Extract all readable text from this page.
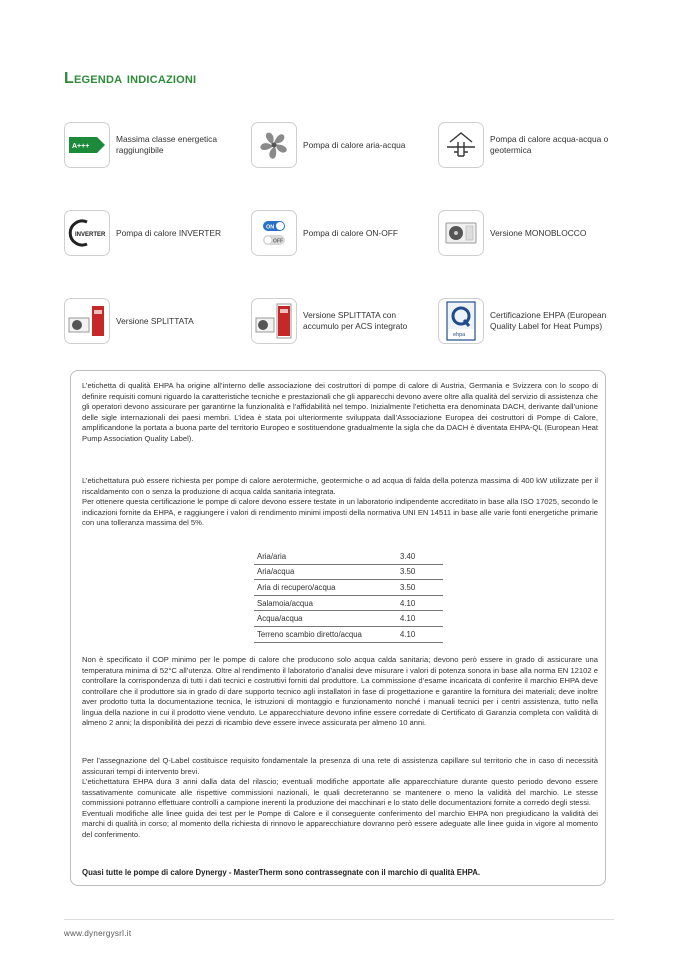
Legenda indicazioni
A+++
Massima classe energetica raggiungibile
Pompa di calore aria-acqua
Pompa di calore acqua-acqua o geotermica
INVERTER Pompa di calore INVERTER	ON
OFF
Pompa di calore ON-OFF	Versione MONOBLOCCO
Versione SPLITTATA
Versione SPLITTATA con accumulo per ACS integrato
ehpa
Certificazione EHPA (European Quality Label for Heat Pumps)

L’etichetta di qualità EHPA ha origine all’interno delle associazione dei costruttori di pompe di calore di Austria, Germania e Svizzera con lo scopo di definire requisiti comuni riguardo la caratteristiche tecniche e prestazionali che gli apparecchi devono avere oltre alla qualità del servizio di assistenza che gli operatori devono assicurare per garantirne la funzionalità e l’affidabilità nel tempo. Inizialmente l’etichetta era denominata DACH, derivante dall’unione delle sigle internazionali dei paesi membri. L’idea è stata poi ulteriormente sviluppata dall’Associazione Europea dei costruttori di Pompe di Calore, amplificandone la portata a buona parte del territorio Europeo e sostituendone gradualmente la sigla che da DACH è diventata EHPA-QL (European Heat Pump Association Quality Label).

L’etichettatura può essere richiesta per pompe di calore aerotermiche, geotermiche o ad acqua di falda della potenza massima di 400 kW utilizzate per il riscaldamento con o senza la produzione di acqua calda sanitaria integrata.

Per ottenere questa certificazione le pompe di calore devono essere testate in un laboratorio indipendente accreditato in base alla ISO 17025, secondo le indicazioni fornite da EHPA, e raggiungere i valori di rendimento minimi imposti della normativa UNI EN 14511 in base alle varie fonti energetiche primarie con una tolleranza massima del 5%.

Aria/aria	3.40
Aria/acqua	3.50
Aria di recupero/acqua	3.50
Salamoia/acqua	4.10
Acqua/acqua	4.10
Terreno scambio diretto/acqua	4.10

Non è specificato il COP minimo per le pompe di calore che producono solo acqua calda sanitaria; devono però essere in grado di assicurare una temperatura minima di 52°C all’utenza. Oltre al rendimento il laboratorio d’analisi deve misurare i valori di potenza sonora in base alla norma EN 12102 e controllare la corrispondenza di tutti i dati tecnici e costruttivi forniti dal produttore. La commissione d’esame incaricata di conferire il marchio EHPA deve controllare che il produttore sia in grado di dare supporto tecnico agli installatori in fase di progettazione e garantire la fornitura dei materiali; deve inoltre aver prodotto tutta la documentazione tecnica, le istruzioni di montaggio e funzionamento nonché i manuali tecnici per i centri assistenza, tutto nella lingua della nazione in cui il prodotto viene venduto. Le apparecchiature devono infine essere corredate di Certificato di Garanzia completa con validità di almeno 2 anni; la disponibilità dei pezzi di ricambio deve essere invece assicurata per almeno 10 anni.

Per l’assegnazione del Q-Label costituisce requisito fondamentale la presenza di una rete di assistenza capillare sul territorio che in caso di necessità assicurari tempi di intervento brevi.

L’etichettatura EHPA dura 3 anni dalla data del rilascio; eventuali modifiche apportate alle apparecchiature durante questo periodo devono essere tassativamente comunicate alle rispettive commissioni nazionali, le quali decreteranno se mantenere o meno la validità del marchio. Le stesse commissioni potranno effettuare controlli a campione inerenti la produzione dei macchinari e lo stato delle documentazioni fornite a corredo degli stessi.

Eventuali modifiche alle linee guida dei test per le Pompe di Calore e il conseguente conferimento del marchio EHPA non pregiudicano la validità dei marchi di qualità in corso; al momento della richiesta di rinnovo le apparecchiature dovranno però essere adeguate alle linee guida in vigore al momento del conferimento.

Quasi tutte le pompe di calore Dynergy - MasterTherm sono contrassegnate con il marchio di qualità EHPA.
www.dynergysrl.it
